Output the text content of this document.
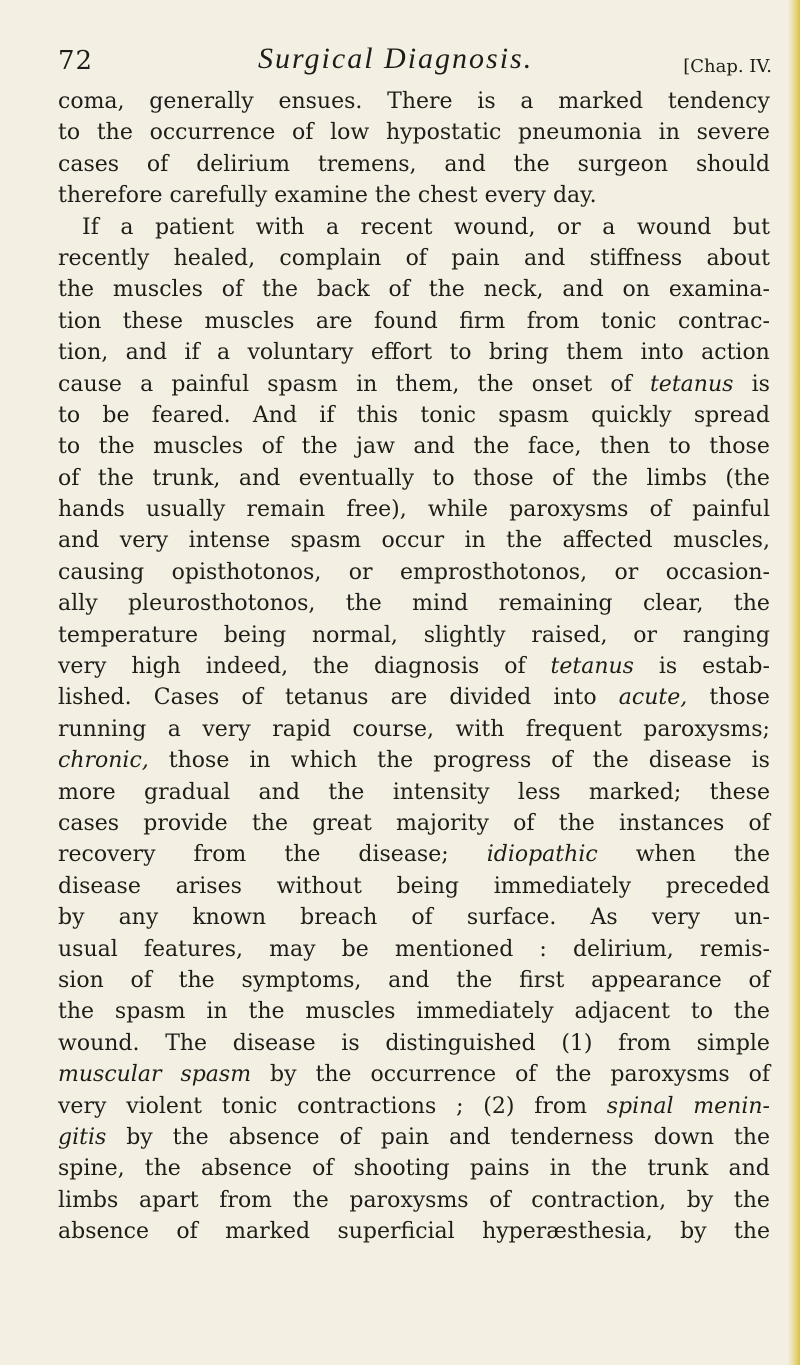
72	Surgical Diagnosis.	[Chap. IV.
coma, generally ensues. There is a marked tendency
to the occurrence of low hypostatic pneumonia in severe
cases of delirium tremens, and the surgeon should
therefore carefully examine the chest every day.
If a patient with a recent wound, or a wound but
recently healed, complain of pain and stiffness about
the muscles of the back of the neck, and on examina-
tion these muscles are found firm from tonic contrac-
tion, and if a voluntary effort to bring them into action
cause a painful spasm in them, the onset of tetanus is
to be feared. And if this tonic spasm quickly spread
to the muscles of the jaw and the face, then to those
of the trunk, and eventually to those of the limbs (the
hands usually remain free), while paroxysms of painful
and very intense spasm occur in the affected muscles,
causing opisthotonos, or emprosthotonos, or occasion-
ally pleurosthotonos, the mind remaining clear, the
temperature being normal, slightly raised, or ranging
very high indeed, the diagnosis of tetanus is estab-
lished. Cases of tetanus are divided into acute, those
running a very rapid course, with frequent paroxysms;
chronic, those in which the progress of the disease is
more gradual and the intensity less marked; these
cases provide the great majority of the instances of
recovery from the disease; idiopathic when the
disease arises without being immediately preceded
by any known breach of surface. As very un-
usual features, may be mentioned : delirium, remis-
sion of the symptoms, and the first appearance of
the spasm in the muscles immediately adjacent to the
wound. The disease is distinguished (1) from simple
muscular spasm by the occurrence of the paroxysms of
very violent tonic contractions ; (2) from spinal menin-
gitis by the absence of pain and tenderness down the
spine, the absence of shooting pains in the trunk and
limbs apart from the paroxysms of contraction, by the
absence of marked superficial hyperæsthesia, by the
